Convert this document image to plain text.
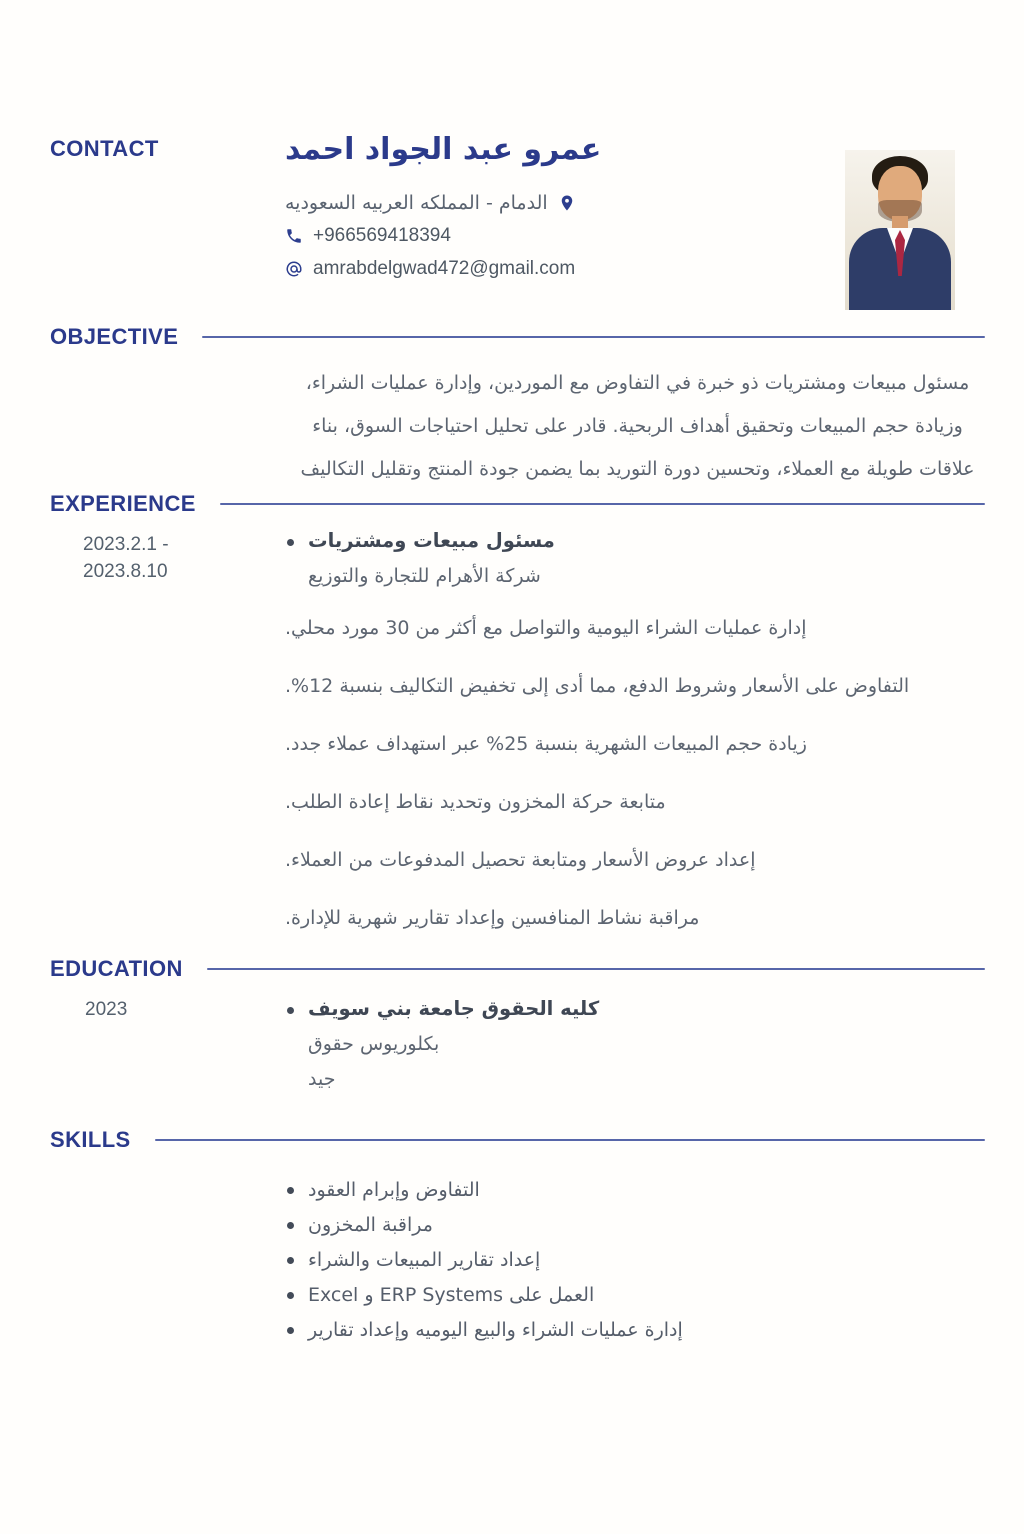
CONTACT	عمرو عبد الجواد احمد
الدمام - المملكه العربيه السعوديه
+966569418394
amrabdelgwad472@gmail.com
OBJECTIVE
مسئول مبيعات ومشتريات ذو خبرة في التفاوض مع الموردين، وإدارة عمليات الشراء، وزيادة حجم المبيعات وتحقيق أهداف الربحية. قادر على تحليل احتياجات السوق، بناء علاقات طويلة مع العملاء، وتحسين دورة التوريد بما يضمن جودة المنتج وتقليل التكاليف
EXPERIENCE
2023.2.1 -
2023.8.10
مسئول مبيعات ومشتريات
شركة الأهرام للتجارة والتوزيع
إدارة عمليات الشراء اليومية والتواصل مع أكثر من 30 مورد محلي.
التفاوض على الأسعار وشروط الدفع، مما أدى إلى تخفيض التكاليف بنسبة 12%.
زيادة حجم المبيعات الشهرية بنسبة 25% عبر استهداف عملاء جدد.
متابعة حركة المخزون وتحديد نقاط إعادة الطلب.
إعداد عروض الأسعار ومتابعة تحصيل المدفوعات من العملاء.
مراقبة نشاط المنافسين وإعداد تقارير شهرية للإدارة.
EDUCATION
2023	كليه الحقوق جامعة بني سويف
بكلوريوس حقوق
جيد
SKILLS
التفاوض وإبرام العقود
مراقبة المخزون
إعداد تقارير المبيعات والشراء
العمل على ERP Systems و Excel
إدارة عمليات الشراء والبيع اليوميه وإعداد تقارير
